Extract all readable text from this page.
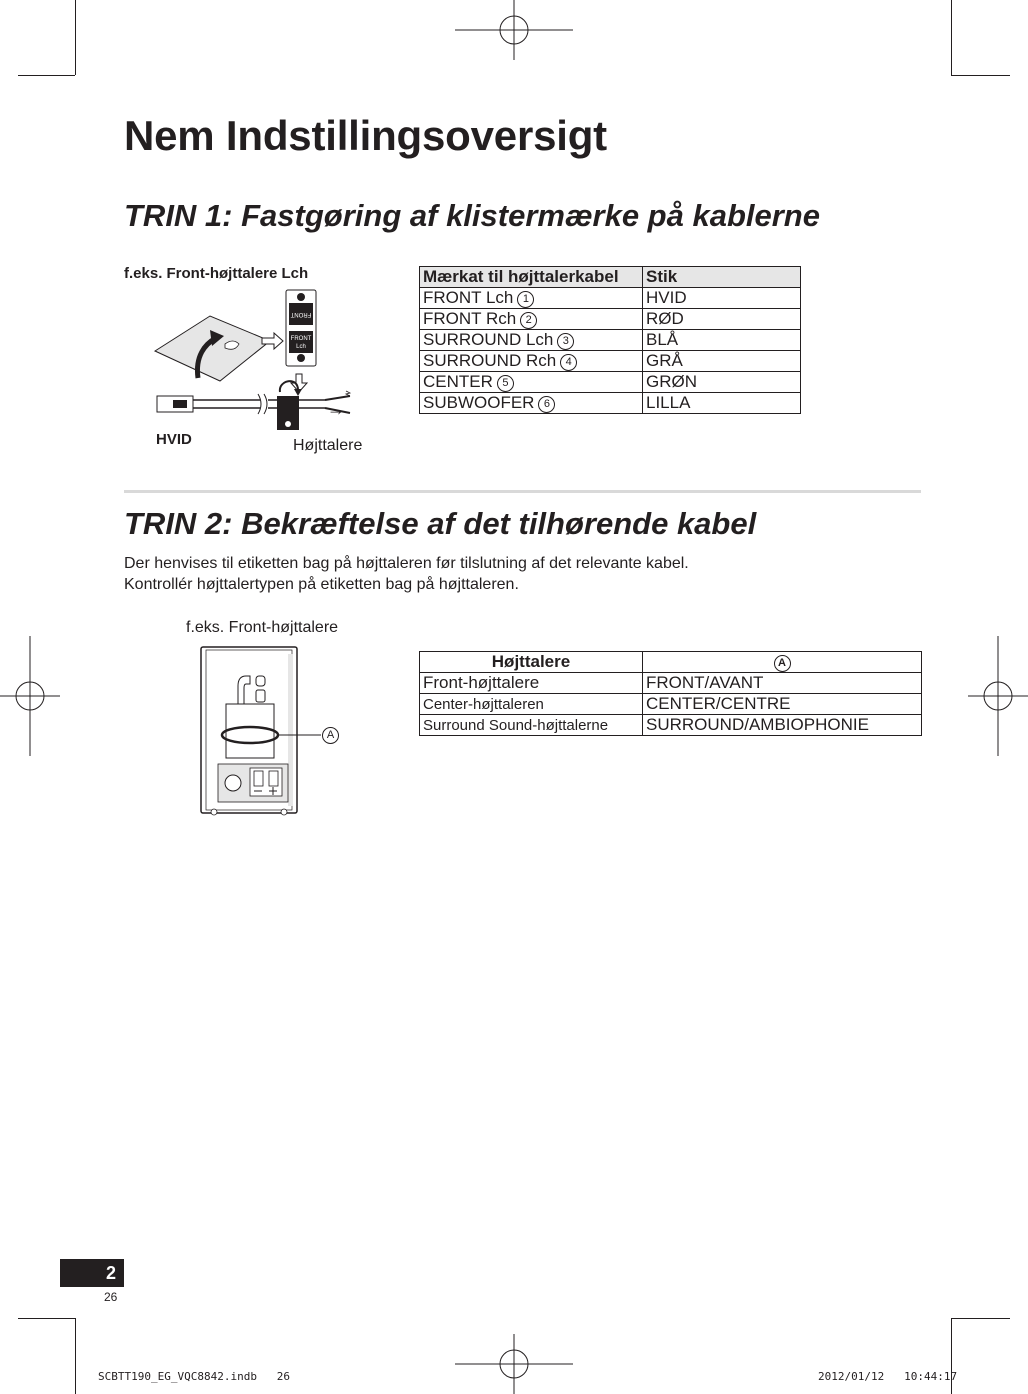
Nem Indstillingsoversigt
TRIN 1: Fastgøring af klistermærke på kablerne
f.eks. Front-højttalere Lch
FRONT
FRONT
Lch
HVID
→
Højttalere
Mærkat til højttalerkabel	Stik
FRONT Lch 1	HVID
FRONT Rch 2	RØD
SURROUND Lch 3	BLÅ
SURROUND Rch 4	GRÅ
CENTER 5	GRØN
SUBWOOFER 6	LILLA
TRIN 2: Bekræftelse af det tilhørende kabel
Der henvises til etiketten bag på højttaleren før tilslutning af det relevante kabel.
Kontrollér højttalertypen på etiketten bag på højttaleren.
f.eks. Front-højttalere
A
Højttalere	A
Front-højttalere	FRONT/AVANT
Center-højttaleren	CENTER/CENTRE
Surround Sound-højttalerne	SURROUND/AMBIOPHONIE
2
26
SCBTT190_EG_VQC8842.indb   26	2012/01/12   10:44:17
